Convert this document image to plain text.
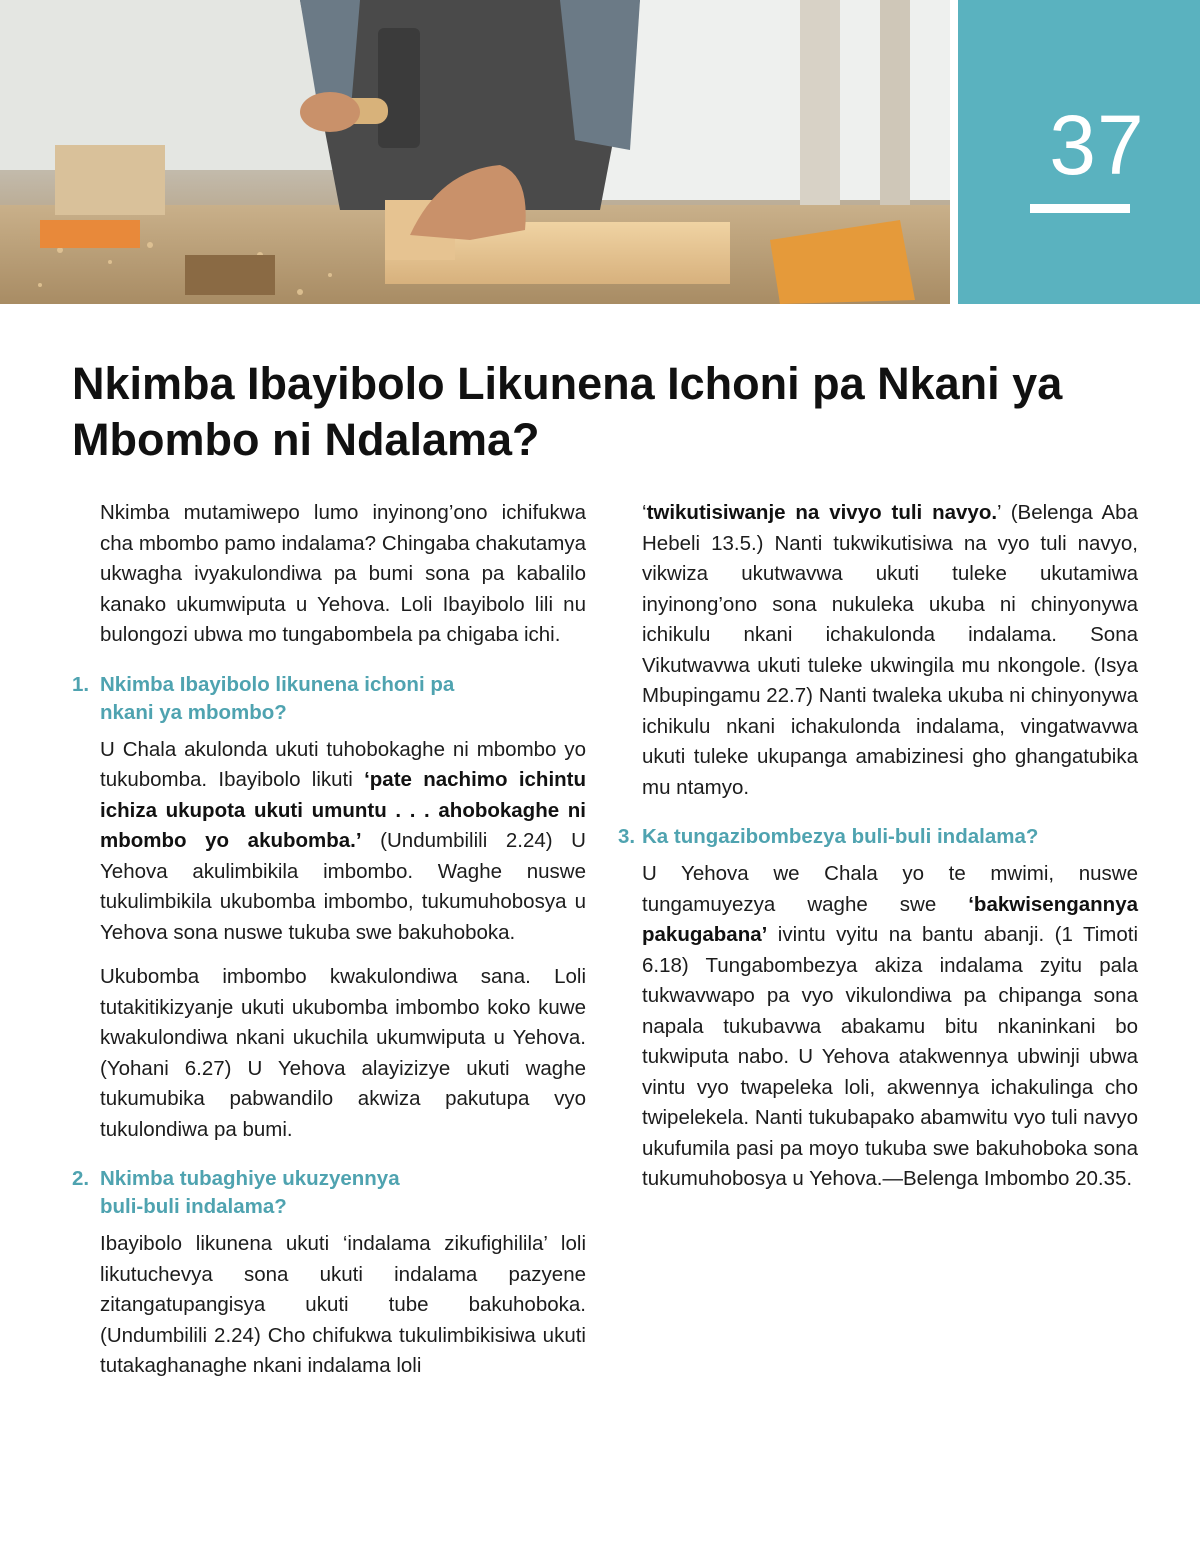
37
Nkimba Ibayibolo Likunena Ichoni pa Nkani ya Mbombo ni Ndalama?

Nkimba mutamiwepo lumo inyinong’ono ichifukwa cha mbombo pamo indalama? Chingaba chakutamya ukwagha ivyakulondiwa pa bumi sona pa kabalilo kanako ukumwiputa u Yehova. Loli Ibayibolo lili nu bulongozi ubwa mo tungabombela pa chigaba ichi.

1. Nkimba Ibayibolo likunena ichoni pa nkani ya mbombo?

U Chala akulonda ukuti tuhobokaghe ni mbombo yo tukubomba. Ibayibolo likuti ‘pate nachimo ichintu ichiza ukupota ukuti umuntu . . . ahobokaghe ni mbombo yo akubomba.’ (Undumbilili 2.24) U Yehova akulimbikila imbombo. Waghe nuswe tukulimbikila ukubomba imbombo, tukumuhobosya u Yehova sona nuswe tukuba swe bakuhoboka.

Ukubomba imbombo kwakulondiwa sana. Loli tutakitikizyanje ukuti ukubomba imbombo koko kuwe kwakulondiwa nkani ukuchila ukumwiputa u Yehova. (Yohani 6.27) U Yehova alayizizye ukuti waghe tukumubika pabwandilo akwiza pakutupa vyo tukulondiwa pa bumi.

2. Nkimba tubaghiye ukuzyennya buli-buli indalama?

Ibayibolo likunena ukuti ‘indalama zikufighilila’ loli likutuchevya sona ukuti indalama pazyene zitangatupangisya ukuti tube bakuhoboka. (Undumbilili 2.24) Cho chifukwa tukulimbikisiwa ukuti tutakaghanaghe nkani indalama loli

‘twikutisiwanje na vivyo tuli navyo.’ (Belenga Aba Hebeli 13.5.) Nanti tukwikutisiwa na vyo tuli navyo, vikwiza ukutwavwa ukuti tuleke ukutamiwa inyinong’ono sona nukuleka ukuba ni chinyonywa ichikulu nkani ichakulonda indalama. Sona Vikutwavwa ukuti tuleke ukwingila mu nkongole. (Isya Mbupingamu 22.7) Nanti twaleka ukuba ni chinyonywa ichikulu nkani ichakulonda indalama, vingatwavwa ukuti tuleke ukupanga amabizinesi gho ghangatubika mu ntamyo.

3. Ka tungazibombezya buli-buli indalama?

U Yehova we Chala yo te mwimi, nuswe tungamuyezya waghe swe ‘bakwisengannya pakugabana’ ivintu vyitu na bantu abanji. (1 Timoti 6.18) Tungabombezya akiza indalama zyitu pala tukwavwapo pa vyo vikulondiwa pa chipanga sona napala tukubavwa abakamu bitu nkaninkani bo tukwiputa nabo. U Yehova atakwennya ubwinji ubwa vintu vyo twapeleka loli, akwennya ichakulinga cho twipelekela. Nanti tukubapako abamwitu vyo tuli navyo ukufumila pasi pa moyo tukuba swe bakuhoboka sona tukumuhobosya u Yehova.—Belenga Imbombo 20.35.
